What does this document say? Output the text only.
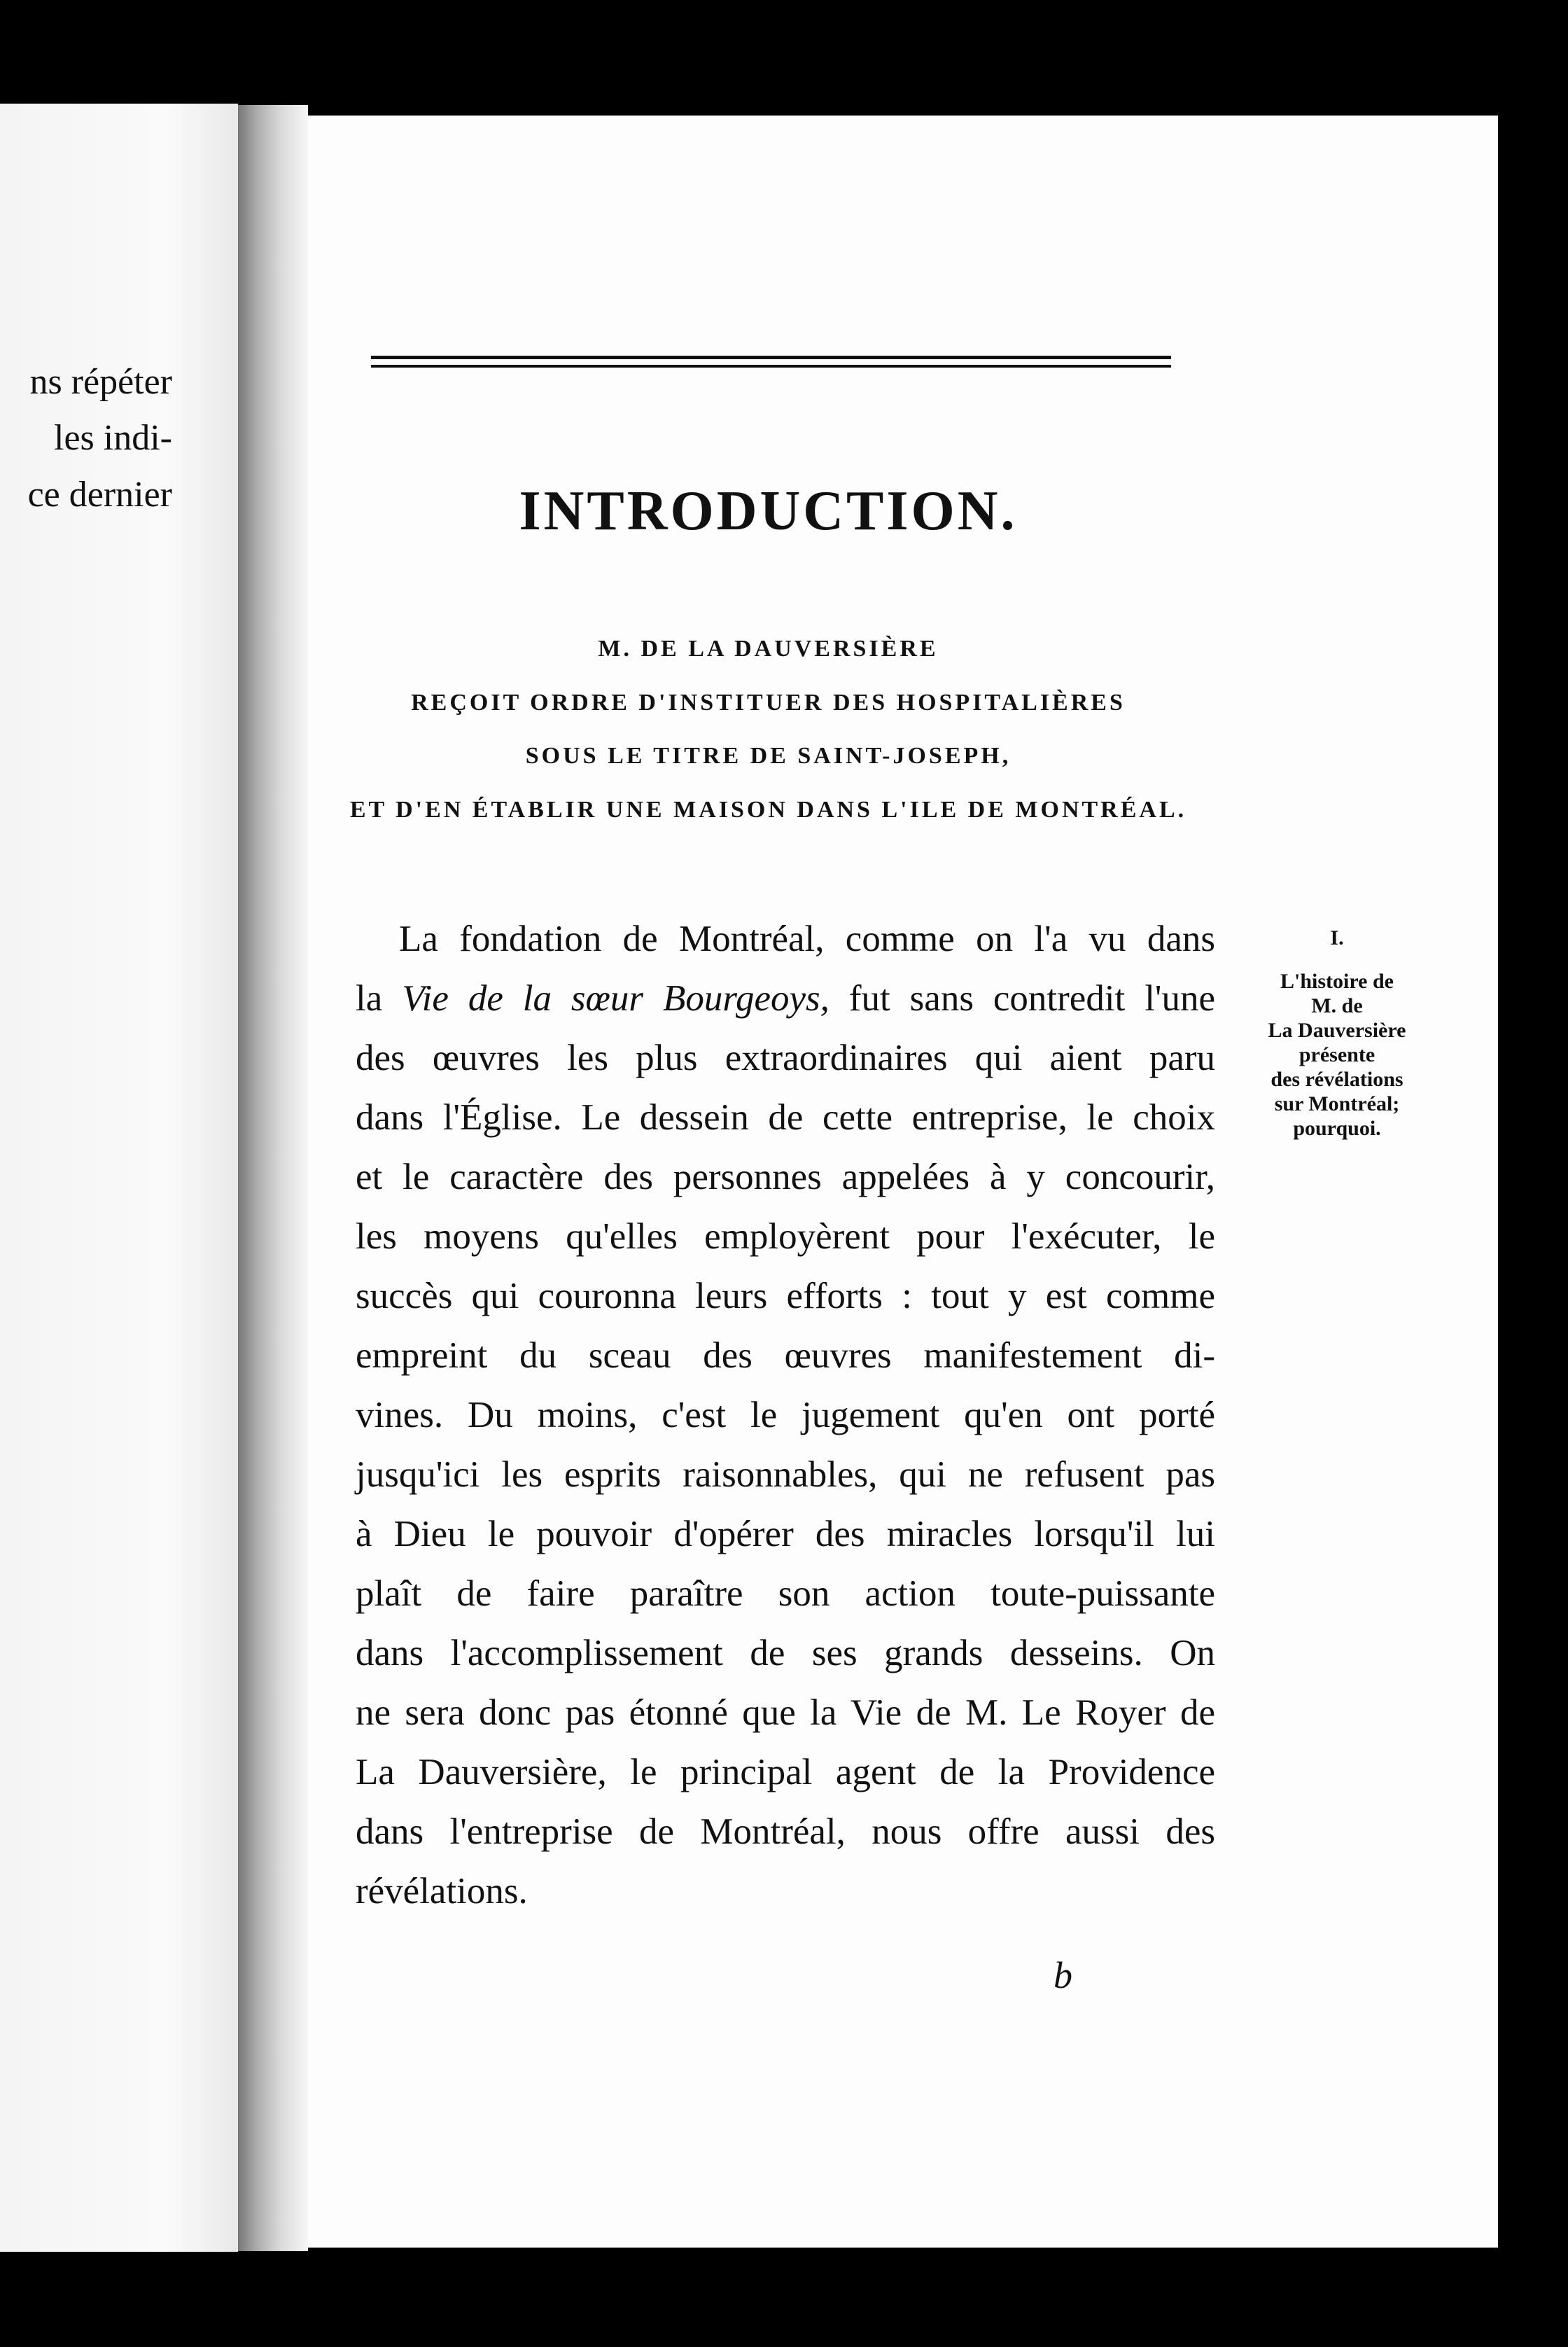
ns répéter
les indi-
ce dernier	INTRODUCTION.
M. DE LA DAUVERSIÈRE
REÇOIT ORDRE D'INSTITUER DES HOSPITALIÈRES
SOUS LE TITRE DE SAINT-JOSEPH,
ET D'EN ÉTABLIR UNE MAISON DANS L'ILE DE MONTRÉAL.
La fondation de Montréal, comme on l'a vu dans
la Vie de la sœur Bourgeoys, fut sans contredit l'une
des œuvres les plus extraordinaires qui aient paru
dans l'Église. Le dessein de cette entreprise, le choix
et le caractère des personnes appelées à y concourir,
les moyens qu'elles employèrent pour l'exécuter, le
succès qui couronna leurs efforts : tout y est comme
empreint du sceau des œuvres manifestement di-
vines. Du moins, c'est le jugement qu'en ont porté
jusqu'ici les esprits raisonnables, qui ne refusent pas
à Dieu le pouvoir d'opérer des miracles lorsqu'il lui
plaît de faire paraître son action toute-puissante
dans l'accomplissement de ses grands desseins. On
ne sera donc pas étonné que la Vie de M. Le Royer de
La Dauversière, le principal agent de la Providence
dans l'entreprise de Montréal, nous offre aussi des
révélations.
I.
L'histoire de
M. de
La Dauversière
présente
des révélations
sur Montréal;
pourquoi.
b
